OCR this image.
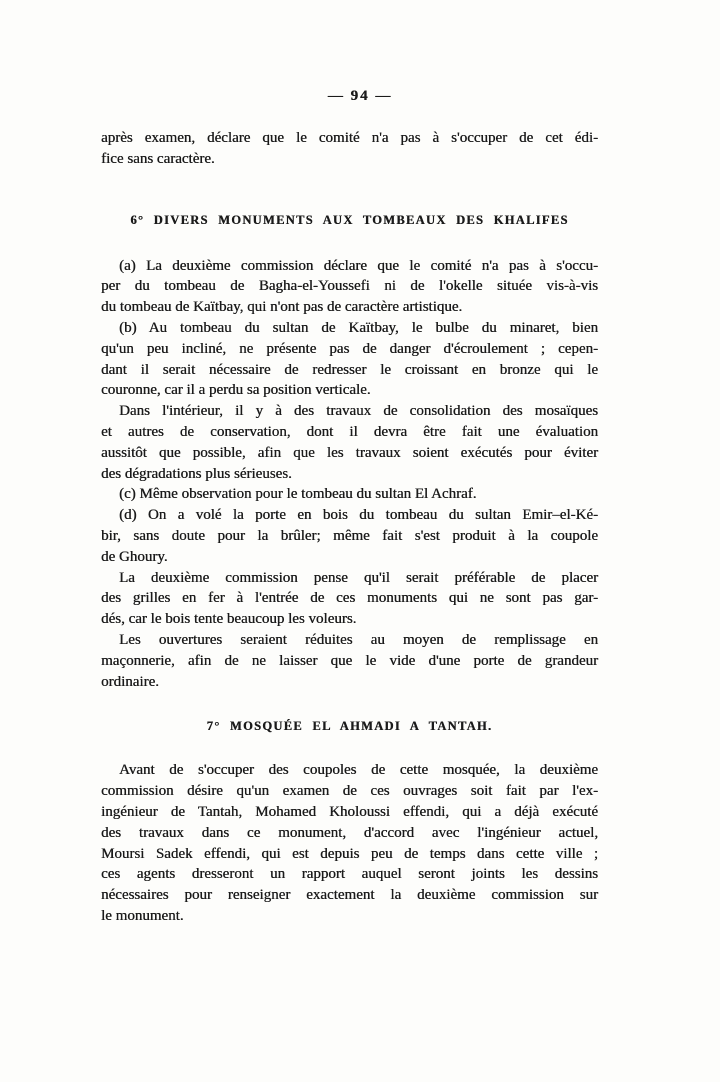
— 94 —
après examen, déclare que le comité n'a pas à s'occuper de cet édi-
fice sans caractère.
6° DIVERS MONUMENTS AUX TOMBEAUX DES KHALIFES
(a) La deuxième commission déclare que le comité n'a pas à s'occu-
per du tombeau de Bagha-el-Youssefi ni de l'okelle située vis-à-vis
du tombeau de Kaïtbay, qui n'ont pas de caractère artistique.
(b) Au tombeau du sultan de Kaïtbay, le bulbe du minaret, bien
qu'un peu incliné, ne présente pas de danger d'écroulement ; cepen-
dant il serait nécessaire de redresser le croissant en bronze qui le
couronne, car il a perdu sa position verticale.
Dans l'intérieur, il y à des travaux de consolidation des mosaïques
et autres de conservation, dont il devra être fait une évaluation
aussitôt que possible, afin que les travaux soient exécutés pour éviter
des dégradations plus sérieuses.
(c) Même observation pour le tombeau du sultan El Achraf.
(d) On a volé la porte en bois du tombeau du sultan Emir–el-Ké-
bir, sans doute pour la brûler; même fait s'est produit à la coupole
de Ghoury.
La deuxième commission pense qu'il serait préférable de placer
des grilles en fer à l'entrée de ces monuments qui ne sont pas gar-
dés, car le bois tente beaucoup les voleurs.
Les ouvertures seraient réduites au moyen de remplissage en
maçonnerie, afin de ne laisser que le vide d'une porte de grandeur
ordinaire.
7° MOSQUÉE EL AHMADI A TANTAH.
Avant de s'occuper des coupoles de cette mosquée, la deuxième
commission désire qu'un examen de ces ouvrages soit fait par l'ex-
ingénieur de Tantah, Mohamed Kholoussi effendi, qui a déjà exécuté
des travaux dans ce monument, d'accord avec l'ingénieur actuel,
Moursi Sadek effendi, qui est depuis peu de temps dans cette ville ;
ces agents dresseront un rapport auquel seront joints les dessins
nécessaires pour renseigner exactement la deuxième commission sur
le monument.
